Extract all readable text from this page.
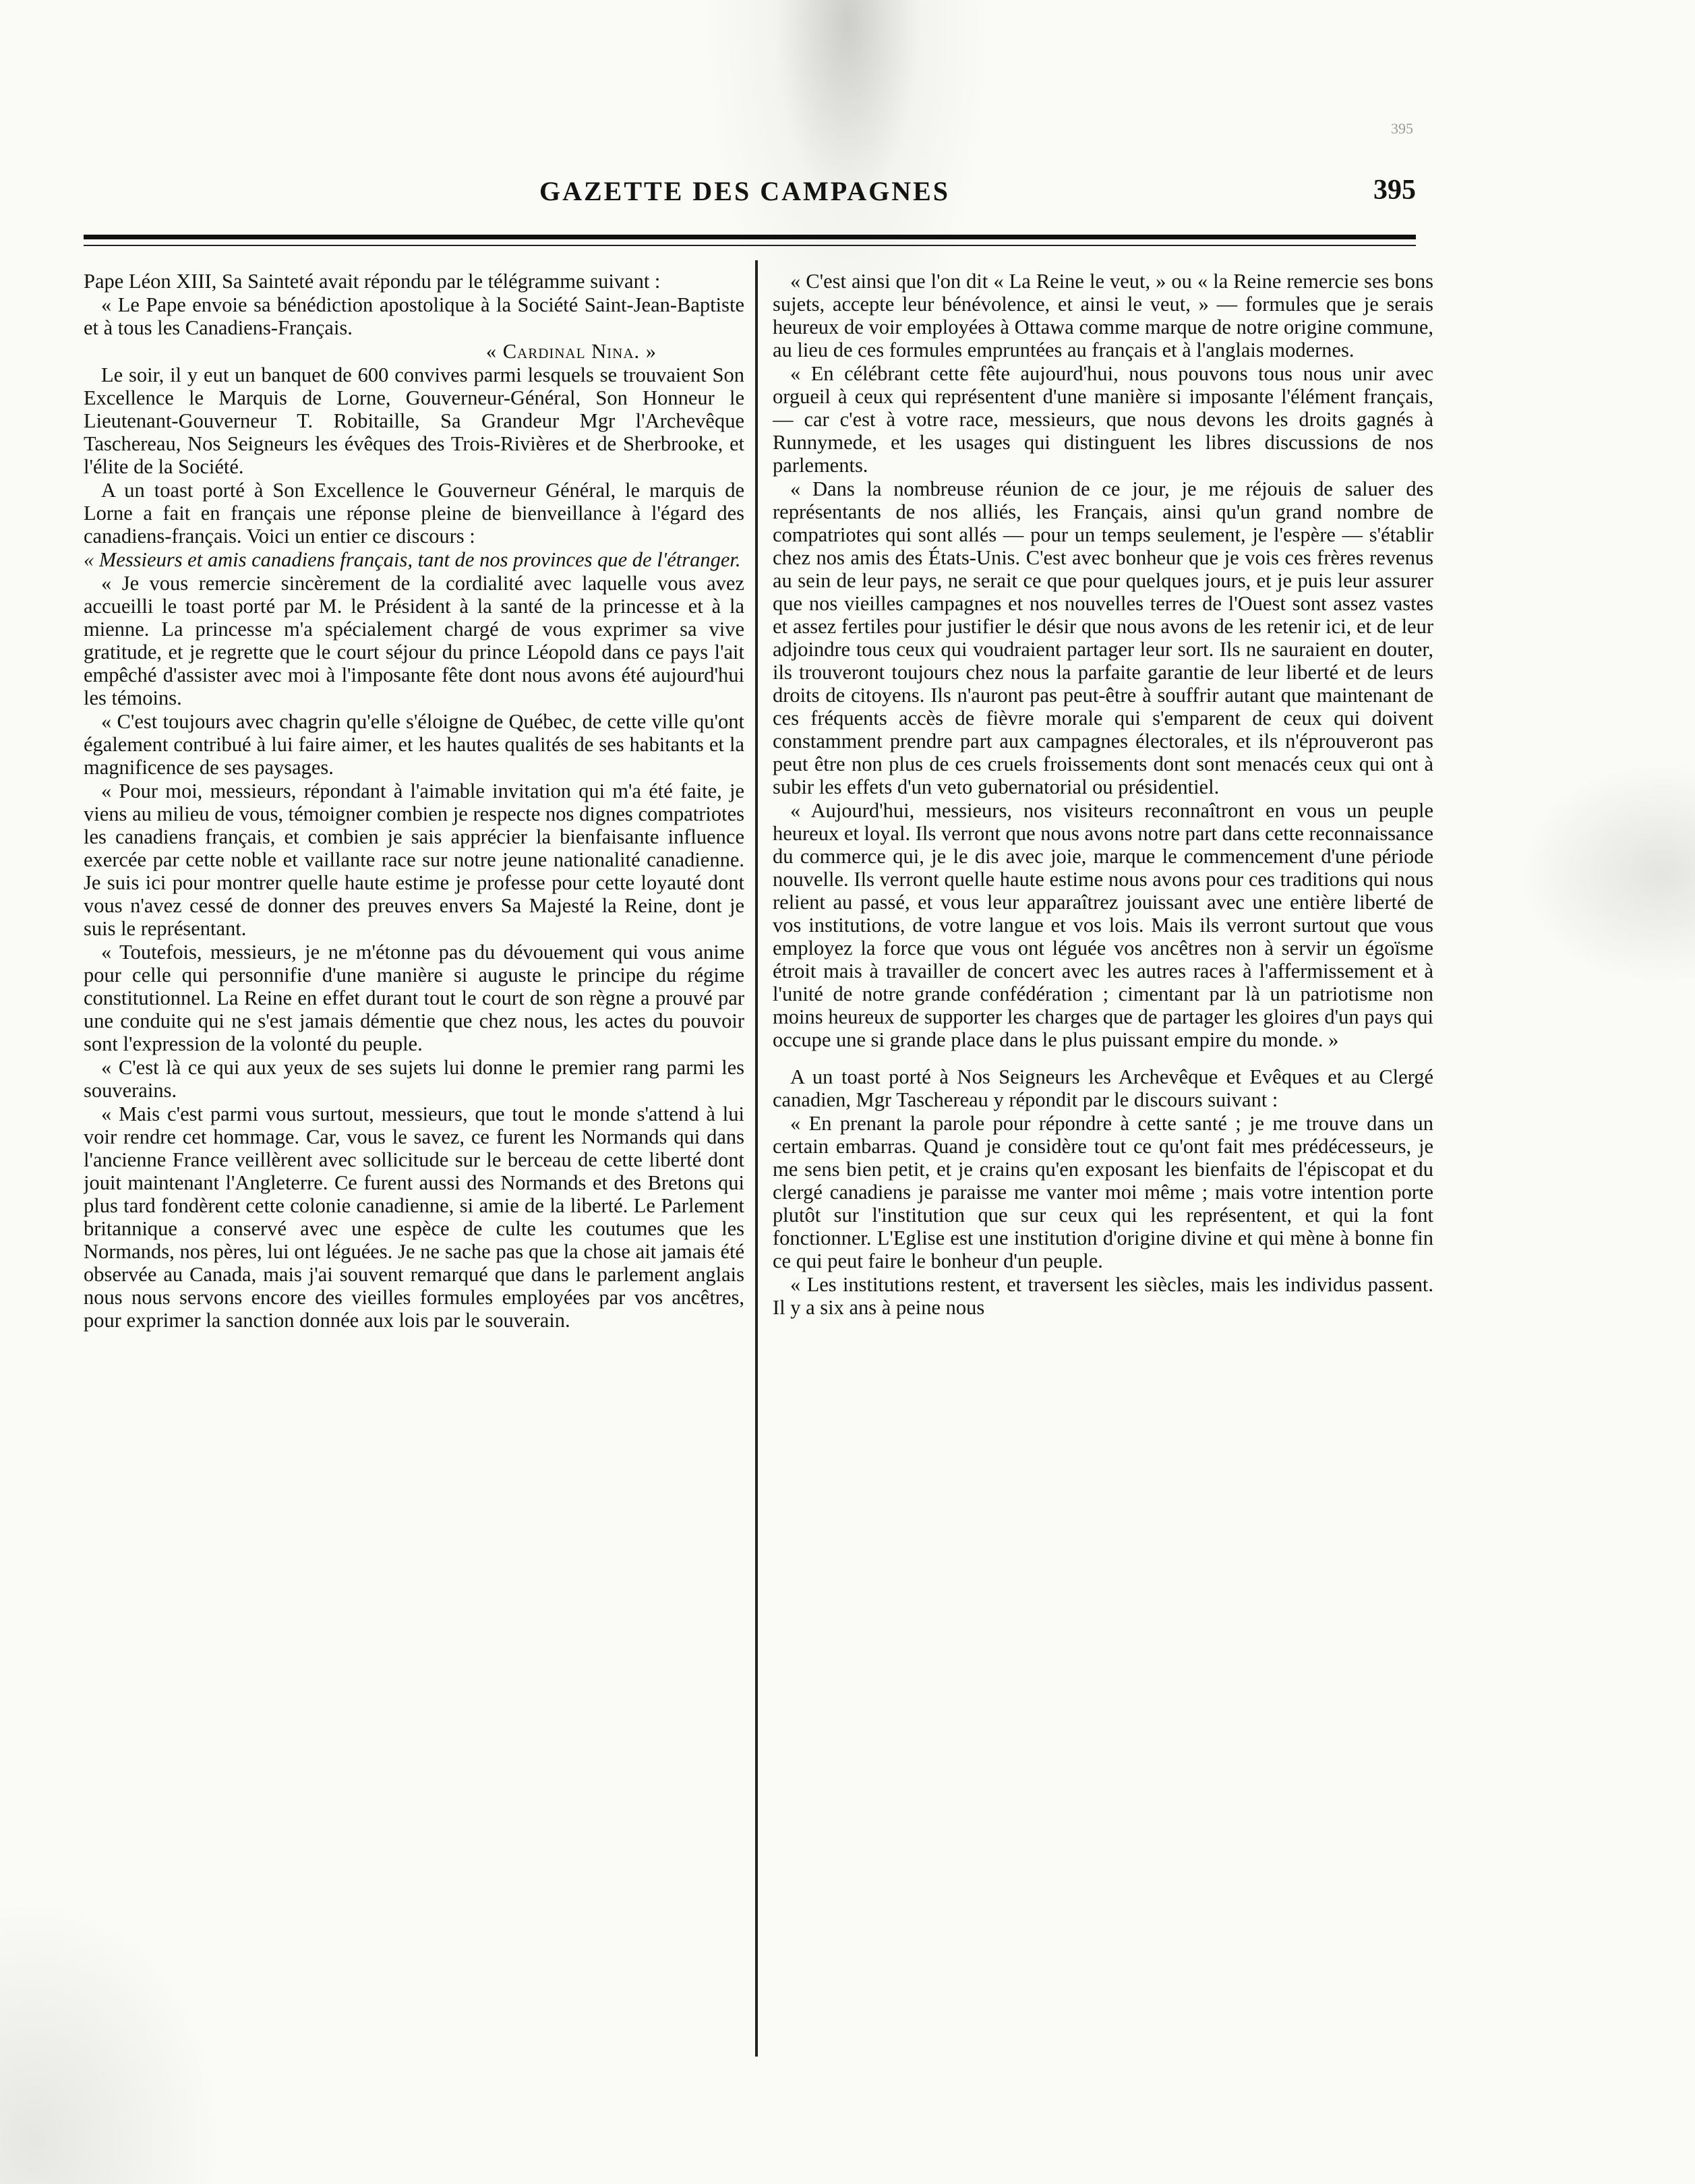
395
GAZETTE DES CAMPAGNES	395

Pape Léon XIII, Sa Sainteté avait répondu par le télégramme suivant :

« Le Pape envoie sa bénédiction apostolique à la Société Saint-Jean-Baptiste et à tous les Canadiens-Français.

« Cardinal Nina. »

Le soir, il y eut un banquet de 600 convives parmi lesquels se trouvaient Son Excellence le Marquis de Lorne, Gouverneur-Général, Son Honneur le Lieutenant-Gouverneur T. Robitaille, Sa Grandeur Mgr l'Archevêque Taschereau, Nos Seigneurs les évêques des Trois-Rivières et de Sherbrooke, et l'élite de la Société.

A un toast porté à Son Excellence le Gouverneur Général, le marquis de Lorne a fait en français une réponse pleine de bienveillance à l'égard des canadiens-français. Voici un entier ce discours :

« Messieurs et amis canadiens français, tant de nos provinces que de l'étranger.

« Je vous remercie sincèrement de la cordialité avec laquelle vous avez accueilli le toast porté par M. le Président à la santé de la princesse et à la mienne. La princesse m'a spécialement chargé de vous exprimer sa vive gratitude, et je regrette que le court séjour du prince Léopold dans ce pays l'ait empêché d'assister avec moi à l'imposante fête dont nous avons été aujourd'hui les témoins.

« C'est toujours avec chagrin qu'elle s'éloigne de Québec, de cette ville qu'ont également contribué à lui faire aimer, et les hautes qualités de ses habitants et la magnificence de ses paysages.

« Pour moi, messieurs, répondant à l'aimable invitation qui m'a été faite, je viens au milieu de vous, témoigner combien je respecte nos dignes compatriotes les canadiens français, et combien je sais apprécier la bienfaisante influence exercée par cette noble et vaillante race sur notre jeune nationalité canadienne. Je suis ici pour montrer quelle haute estime je professe pour cette loyauté dont vous n'avez cessé de donner des preuves envers Sa Majesté la Reine, dont je suis le représentant.

« Toutefois, messieurs, je ne m'étonne pas du dévouement qui vous anime pour celle qui personnifie d'une manière si auguste le principe du régime constitutionnel. La Reine en effet durant tout le court de son règne a prouvé par une conduite qui ne s'est jamais démentie que chez nous, les actes du pouvoir sont l'expression de la volonté du peuple.

« C'est là ce qui aux yeux de ses sujets lui donne le premier rang parmi les souverains.

« Mais c'est parmi vous surtout, messieurs, que tout le monde s'attend à lui voir rendre cet hommage. Car, vous le savez, ce furent les Normands qui dans l'ancienne France veillèrent avec sollicitude sur le berceau de cette liberté dont jouit maintenant l'Angleterre. Ce furent aussi des Normands et des Bretons qui plus tard fondèrent cette colonie canadienne, si amie de la liberté. Le Parlement britannique a conservé avec une espèce de culte les coutumes que les Normands, nos pères, lui ont léguées. Je ne sache pas que la chose ait jamais été observée au Canada, mais j'ai souvent remarqué que dans le parlement anglais nous nous servons encore des vieilles formules employées par vos ancêtres, pour exprimer la sanction donnée aux lois par le souverain.

« C'est ainsi que l'on dit « La Reine le veut, » ou « la Reine remercie ses bons sujets, accepte leur bénévolence, et ainsi le veut, » — formules que je serais heureux de voir employées à Ottawa comme marque de notre origine commune, au lieu de ces formules empruntées au français et à l'anglais modernes.

« En célébrant cette fête aujourd'hui, nous pouvons tous nous unir avec orgueil à ceux qui représentent d'une manière si imposante l'élément français, — car c'est à votre race, messieurs, que nous devons les droits gagnés à Runnymede, et les usages qui distinguent les libres discussions de nos parlements.

« Dans la nombreuse réunion de ce jour, je me réjouis de saluer des représentants de nos alliés, les Français, ainsi qu'un grand nombre de compatriotes qui sont allés — pour un temps seulement, je l'espère — s'établir chez nos amis des États-Unis. C'est avec bonheur que je vois ces frères revenus au sein de leur pays, ne serait ce que pour quelques jours, et je puis leur assurer que nos vieilles campagnes et nos nouvelles terres de l'Ouest sont assez vastes et assez fertiles pour justifier le désir que nous avons de les retenir ici, et de leur adjoindre tous ceux qui voudraient partager leur sort. Ils ne sauraient en douter, ils trouveront toujours chez nous la parfaite garantie de leur liberté et de leurs droits de citoyens. Ils n'auront pas peut-être à souffrir autant que maintenant de ces fréquents accès de fièvre morale qui s'emparent de ceux qui doivent constamment prendre part aux campagnes électorales, et ils n'éprouveront pas peut être non plus de ces cruels froissements dont sont menacés ceux qui ont à subir les effets d'un veto gubernatorial ou présidentiel.

« Aujourd'hui, messieurs, nos visiteurs reconnaîtront en vous un peuple heureux et loyal. Ils verront que nous avons notre part dans cette reconnaissance du commerce qui, je le dis avec joie, marque le commencement d'une période nouvelle. Ils verront quelle haute estime nous avons pour ces traditions qui nous relient au passé, et vous leur apparaîtrez jouissant avec une entière liberté de vos institutions, de votre langue et vos lois. Mais ils verront surtout que vous employez la force que vous ont léguée vos ancêtres non à servir un égoïsme étroit mais à travailler de concert avec les autres races à l'affermissement et à l'unité de notre grande confédération ; cimentant par là un patriotisme non moins heureux de supporter les charges que de partager les gloires d'un pays qui occupe une si grande place dans le plus puissant empire du monde. »

A un toast porté à Nos Seigneurs les Archevêque et Evêques et au Clergé canadien, Mgr Taschereau y répondit par le discours suivant :

« En prenant la parole pour répondre à cette santé ; je me trouve dans un certain embarras. Quand je considère tout ce qu'ont fait mes prédécesseurs, je me sens bien petit, et je crains qu'en exposant les bienfaits de l'épiscopat et du clergé canadiens je paraisse me vanter moi même ; mais votre intention porte plutôt sur l'institution que sur ceux qui les représentent, et qui la font fonctionner. L'Eglise est une institution d'origine divine et qui mène à bonne fin ce qui peut faire le bonheur d'un peuple.

« Les institutions restent, et traversent les siècles, mais les individus passent. Il y a six ans à peine nous
